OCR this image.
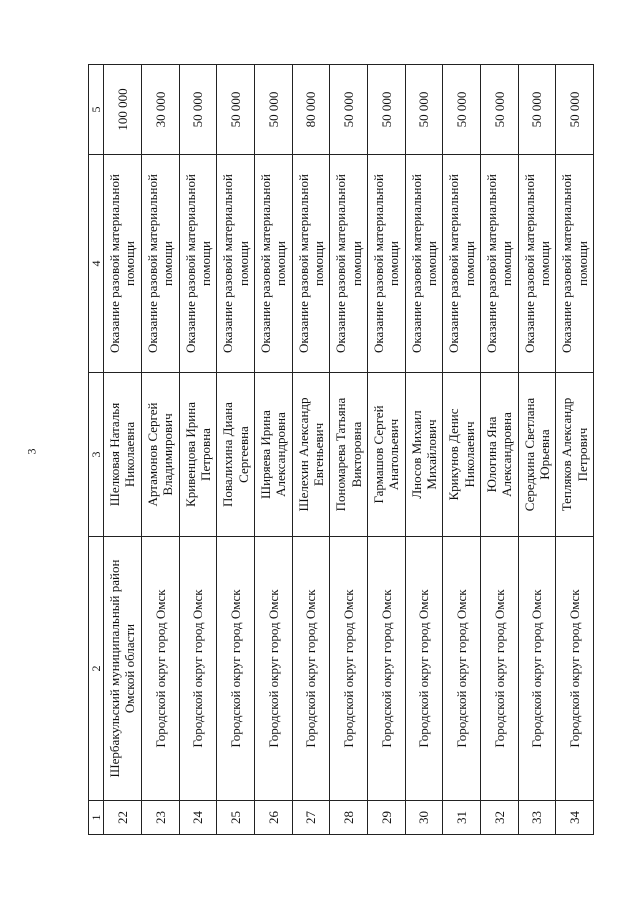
3
1	2	3	4	5
22	Шербакульский муниципальный район Омской области	Шелковая Наталья Николаевна	Оказание разовой материальной помощи	100 000
23	Городской округ город Омск	Артамонов Сергей Владимирович	Оказание разовой материальной помощи	30 000
24	Городской округ город Омск	Кривенцова Ирина Петровна	Оказание разовой материальной помощи	50 000
25	Городской округ город Омск	Повалихина Диана Сергеевна	Оказание разовой материальной помощи	50 000
26	Городской округ город Омск	Ширяева Ирина Александровна	Оказание разовой материальной помощи	50 000
27	Городской округ город Омск	Шелехин Александр Евгеньевич	Оказание разовой материальной помощи	80 000
28	Городской округ город Омск	Пономарева Татьяна Викторовна	Оказание разовой материальной помощи	50 000
29	Городской округ город Омск	Гармашов Сергей Анатольевич	Оказание разовой материальной помощи	50 000
30	Городской округ город Омск	Лносов Михаил Михайлович	Оказание разовой материальной помощи	50 000
31	Городской округ город Омск	Крикунов Денис Николаевич	Оказание разовой материальной помощи	50 000
32	Городской округ город Омск	Юлогина Яна Александровна	Оказание разовой материальной помощи	50 000
33	Городской округ город Омск	Середкина Светлана Юрьевна	Оказание разовой материальной помощи	50 000
34	Городской округ город Омск	Тепляков Александр Петрович	Оказание разовой материальной помощи	50 000
